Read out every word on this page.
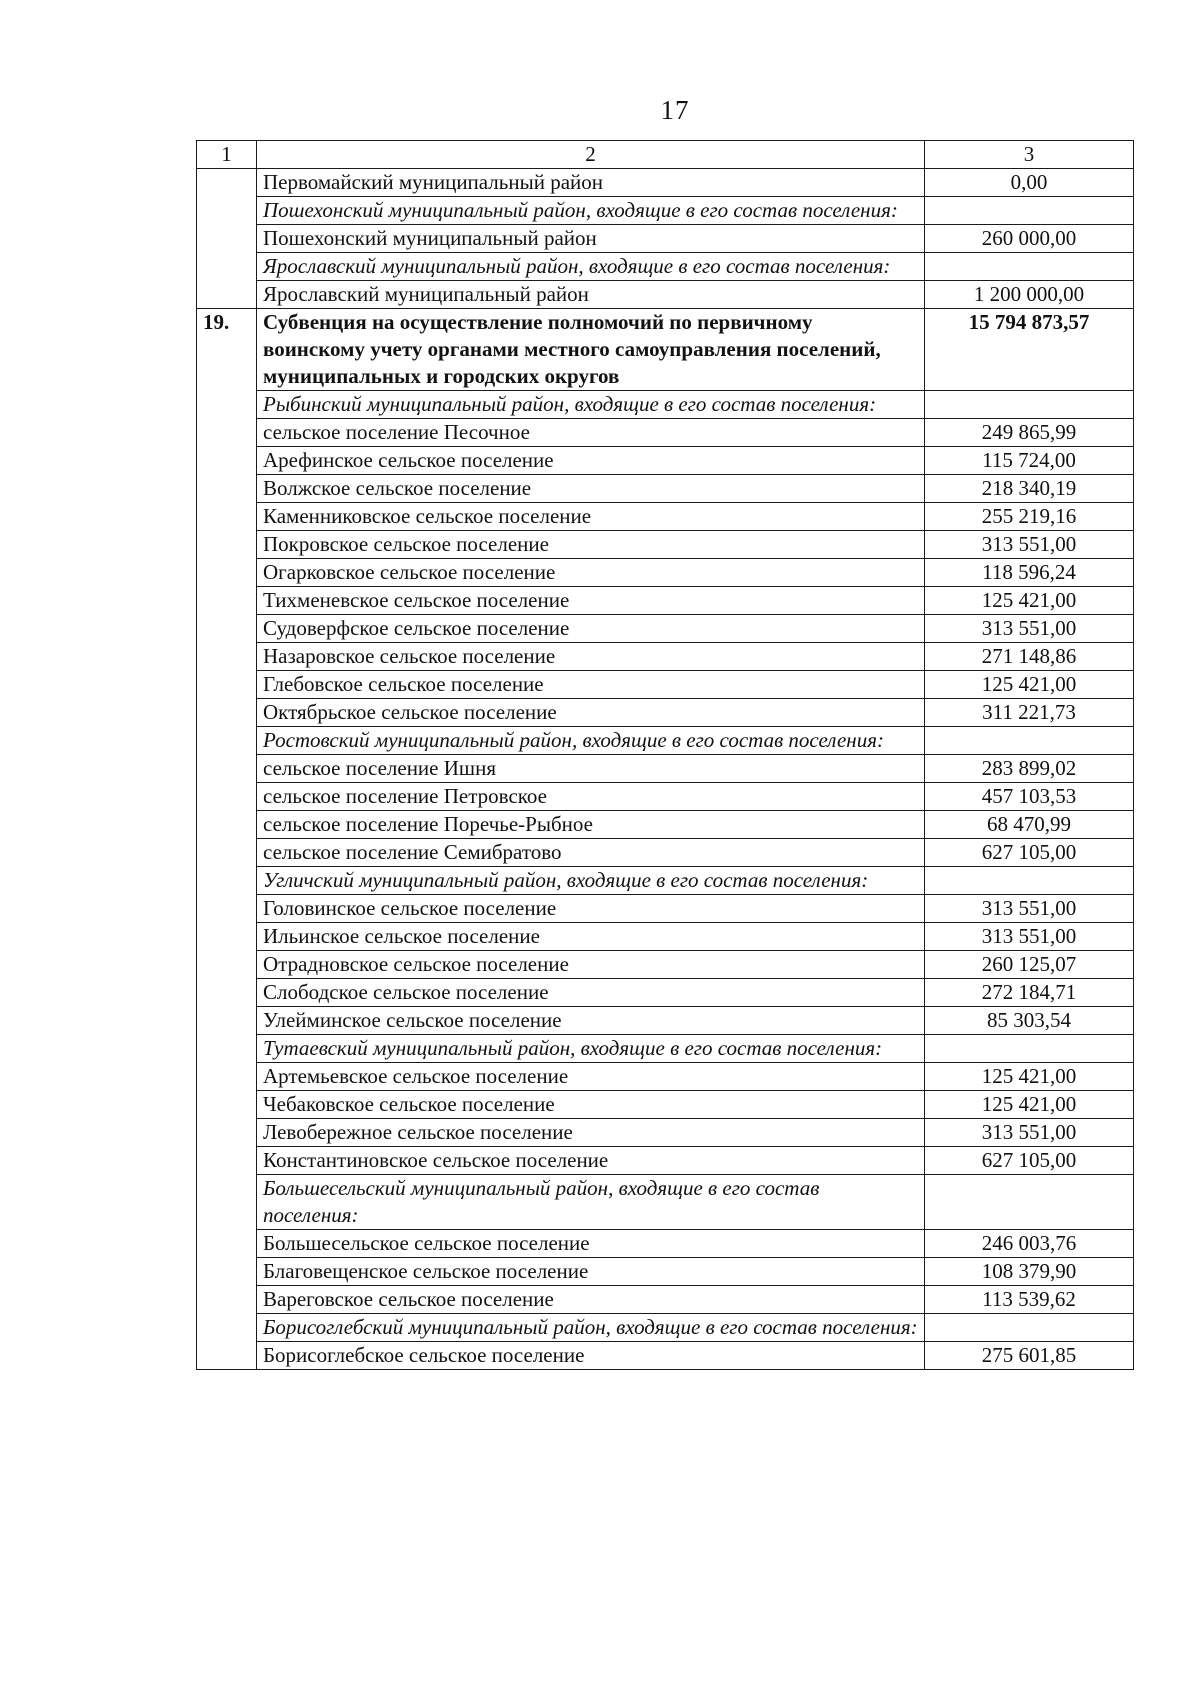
17
1	2	3
	Первомайский муниципальный район	0,00
	Пошехонский муниципальный район, входящие в его состав поселения:	
	Пошехонский муниципальный район	260 000,00
	Ярославский муниципальный район, входящие в его состав поселения:	
	Ярославский муниципальный район	1 200 000,00
19.	Субвенция на осуществление полномочий по первичному воинскому учету органами местного самоуправления поселений, муниципальных и городских округов	15 794 873,57
	Рыбинский муниципальный район, входящие в его состав поселения:	
	сельское поселение Песочное	249 865,99
	Арефинское сельское поселение	115 724,00
	Волжское сельское поселение	218 340,19
	Каменниковское сельское поселение	255 219,16
	Покровское сельское поселение	313 551,00
	Огарковское сельское поселение	118 596,24
	Тихменевское сельское поселение	125 421,00
	Судоверфское сельское поселение	313 551,00
	Назаровское сельское поселение	271 148,86
	Глебовское сельское поселение	125 421,00
	Октябрьское сельское поселение	311 221,73
	Ростовский муниципальный район, входящие в его состав поселения:	
	сельское поселение Ишня	283 899,02
	сельское поселение Петровское	457 103,53
	сельское поселение Поречье-Рыбное	68 470,99
	сельское поселение Семибратово	627 105,00
	Угличский муниципальный район, входящие в его состав поселения:	
	Головинское сельское поселение	313 551,00
	Ильинское сельское поселение	313 551,00
	Отрадновское сельское поселение	260 125,07
	Слободское сельское поселение	272 184,71
	Улейминское сельское поселение	85 303,54
	Тутаевский муниципальный район, входящие в его состав поселения:	
	Артемьевское сельское поселение	125 421,00
	Чебаковское сельское поселение	125 421,00
	Левобережное сельское поселение	313 551,00
	Константиновское сельское поселение	627 105,00
	Большесельский муниципальный район, входящие в его состав поселения:	
	Большесельское сельское поселение	246 003,76
	Благовещенское сельское поселение	108 379,90
	Вареговское сельское поселение	113 539,62
	Борисоглебский муниципальный район, входящие в его состав поселения:	
	Борисоглебское сельское поселение	275 601,85
